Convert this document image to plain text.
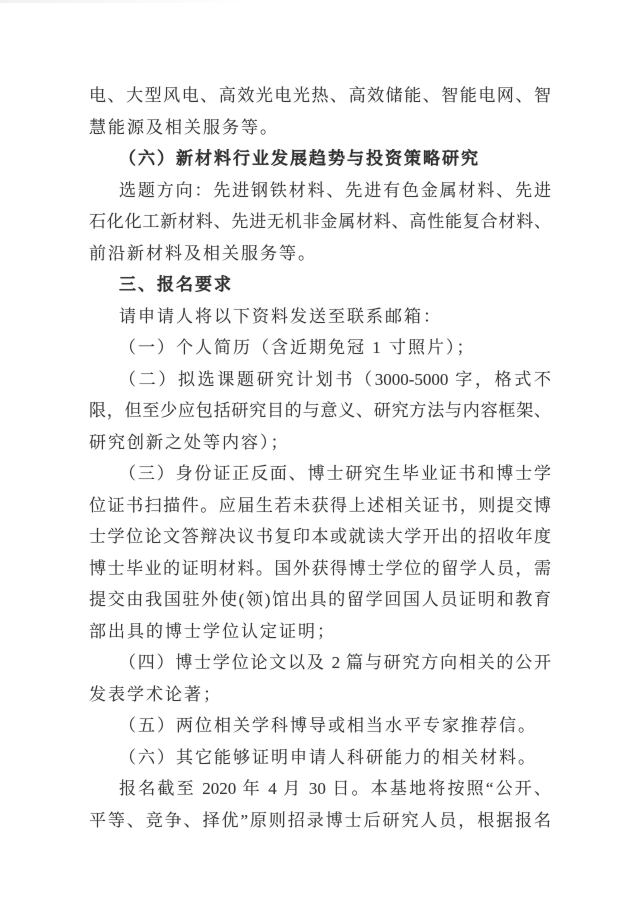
电、大型风电、高效光电光热、高效储能、智能电网、智
慧能源及相关服务等。
（六）新材料行业发展趋势与投资策略研究
选题方向：先进钢铁材料、先进有色金属材料、先进
石化化工新材料、先进无机非金属材料、高性能复合材料、
前沿新材料及相关服务等。
三、报名要求
请申请人将以下资料发送至联系邮箱：
（一）个人简历（含近期免冠 1 寸照片）；
（二）拟选课题研究计划书（3000-5000 字，格式不
限，但至少应包括研究目的与意义、研究方法与内容框架、
研究创新之处等内容）；
（三）身份证正反面、博士研究生毕业证书和博士学
位证书扫描件。应届生若未获得上述相关证书，则提交博
士学位论文答辩决议书复印本或就读大学开出的招收年度
博士毕业的证明材料。国外获得博士学位的留学人员，需
提交由我国驻外使(领)馆出具的留学回国人员证明和教育
部出具的博士学位认定证明；
（四）博士学位论文以及 2 篇与研究方向相关的公开
发表学术论著；
（五）两位相关学科博导或相当水平专家推荐信。
（六）其它能够证明申请人科研能力的相关材料。
报名截至 2020 年 4 月 30 日。本基地将按照“公开、
平等、竞争、择优”原则招录博士后研究人员，根据报名
